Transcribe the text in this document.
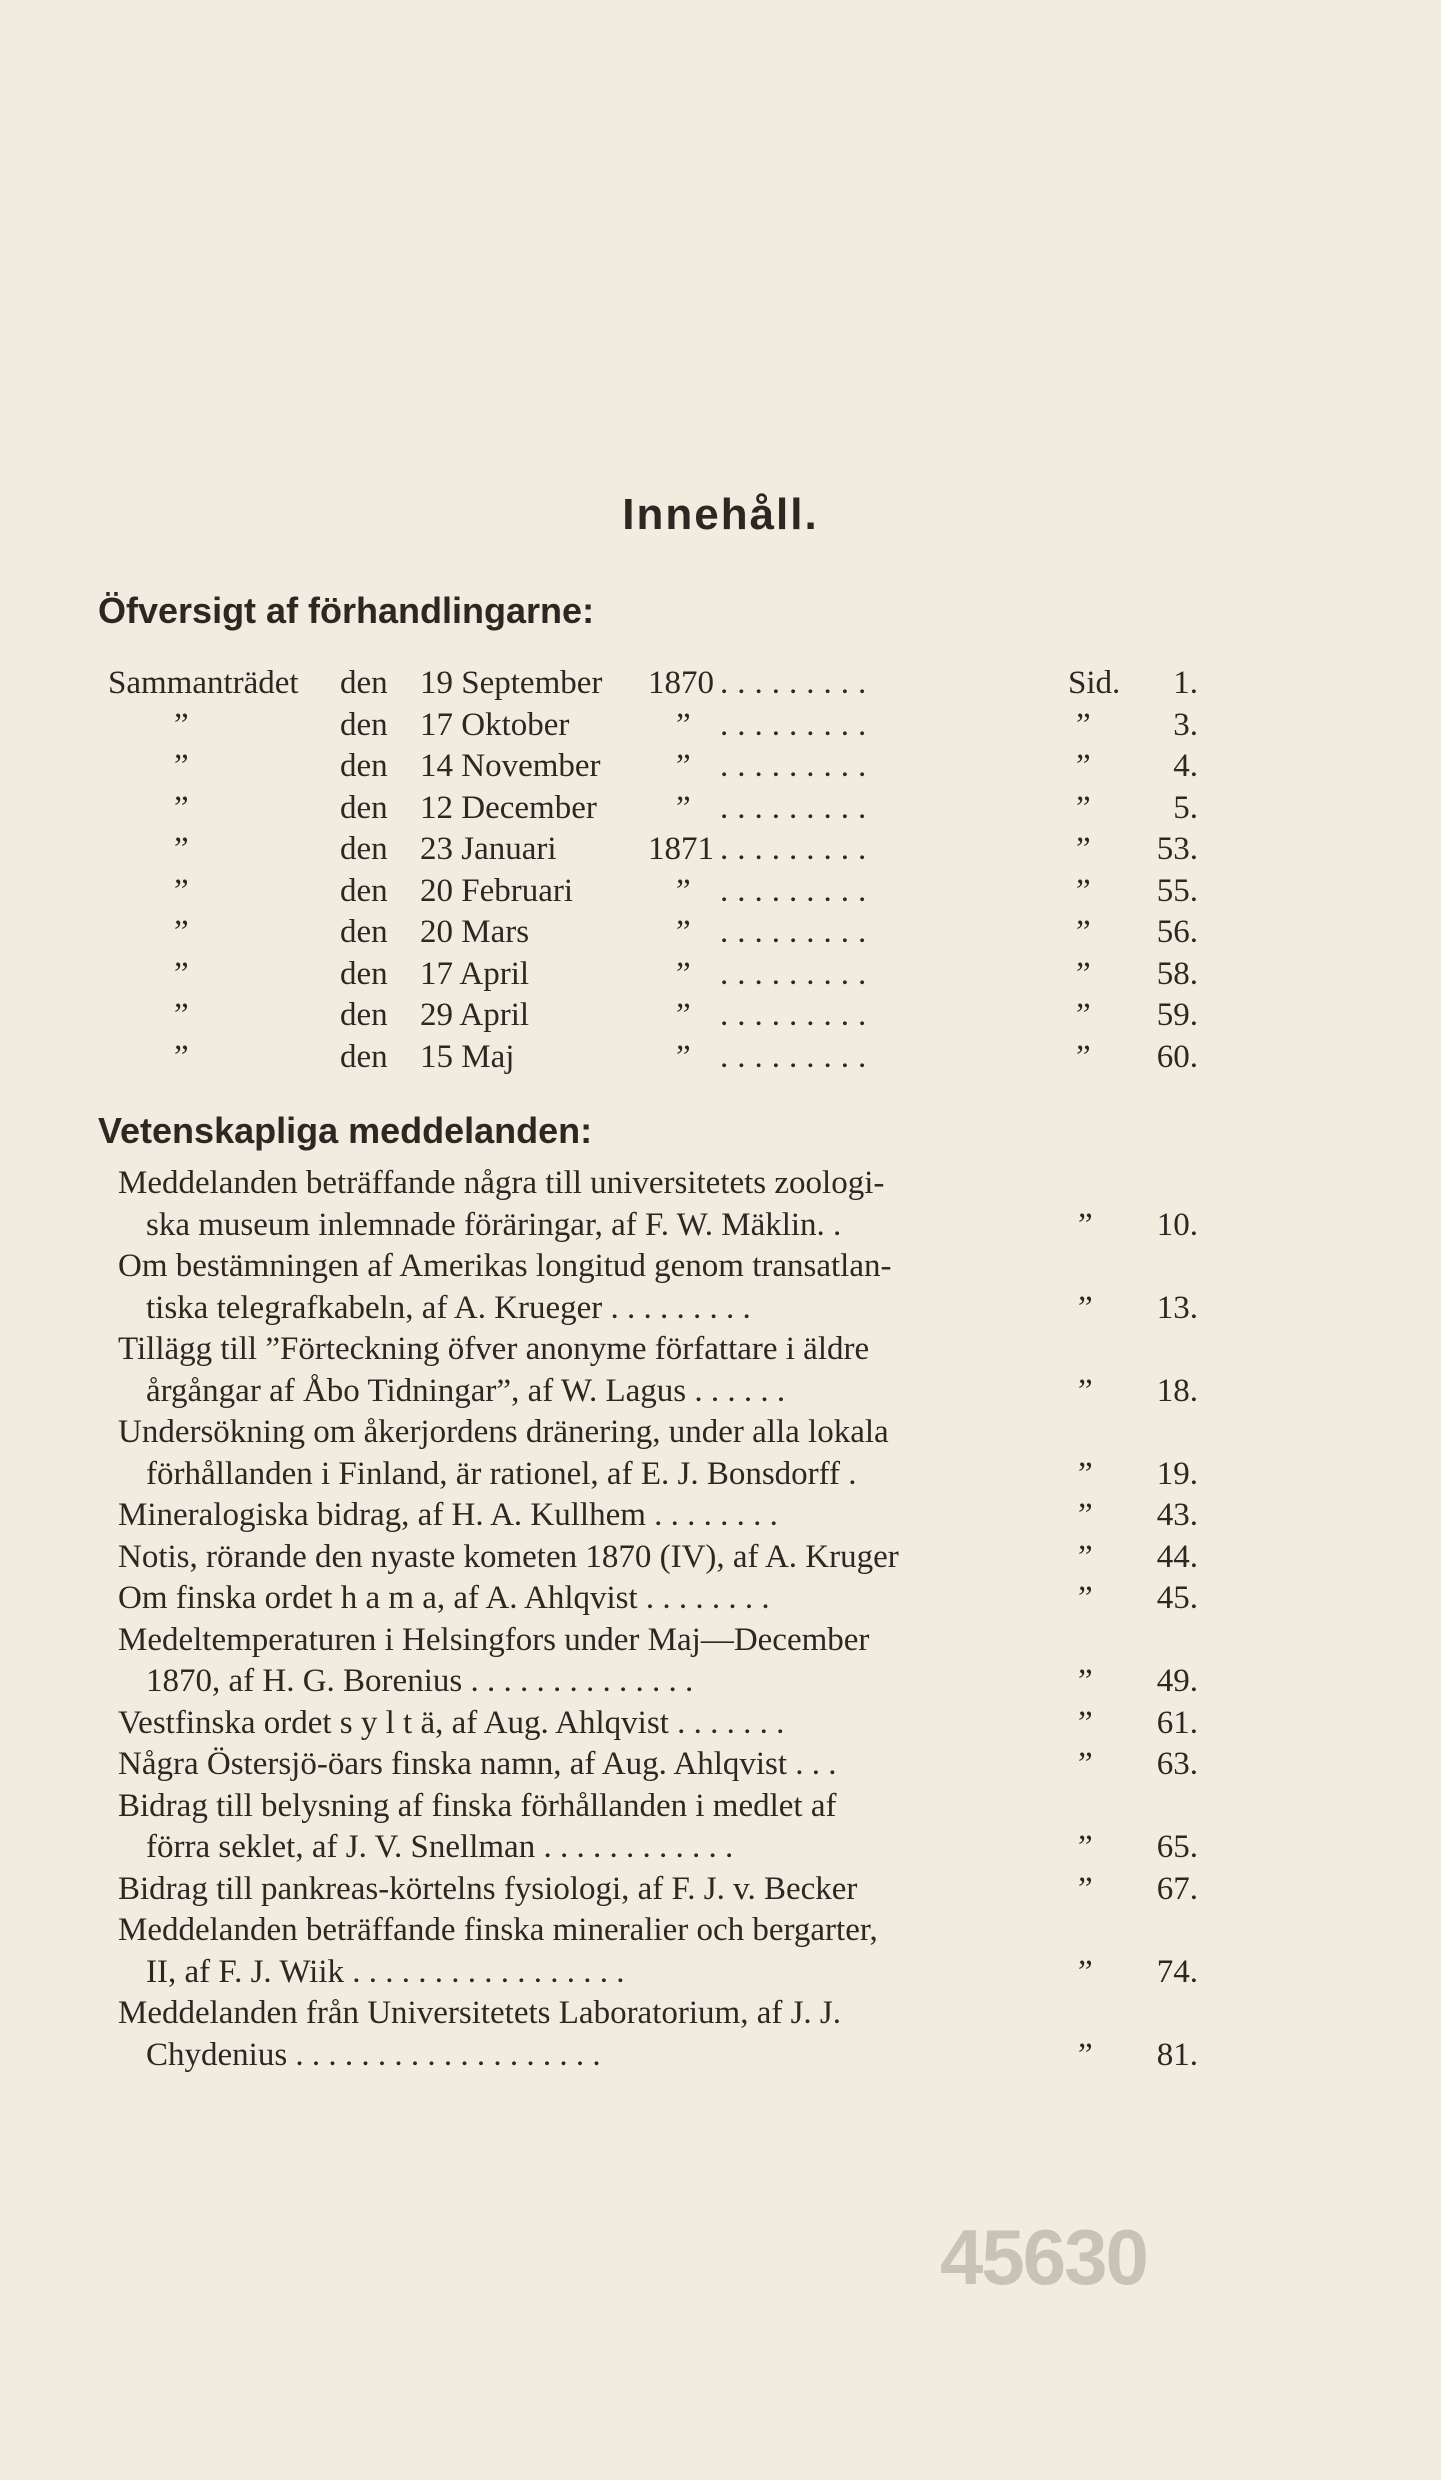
Innehåll.
Öfversigt af förhandlingarne:
Sammanträdet den 19 September 1870 .........	Sid. 1.
”	den 17 Oktober	” .........	”	3.
”	den 14 November ” .........	”	4.
”	den 12 December ” .........	”	5.
”	den 23 Januari	1871 .........	” 53.
”	den 20 Februari	” .........	” 55.
”	den 20 Mars	” .........	” 56.
”	den 17 April	” .........	” 58.
”	den 29 April	” .........	” 59.
”	den 15 Maj	” .........	” 60.
Vetenskapliga meddelanden:
Meddelanden beträffande några till universitetets zoologi-
ska museum inlemnade föräringar, af F. W. Mäklin. .	” 10.
Om bestämningen af Amerikas longitud genom transatlan-
tiska telegrafkabeln, af A. Krueger . . . . . . . . .	” 13.
Tillägg till ”Förteckning öfver anonyme författare i äldre
årgångar af Åbo Tidningar”, af W. Lagus . . . . . .	” 18.
Undersökning om åkerjordens dränering, under alla lokala
förhållanden i Finland, är rationel, af E. J. Bonsdorff .	” 19.
Mineralogiska bidrag, af H. A. Kullhem . . . . . . . .	” 43.
Notis, rörande den nyaste kometen 1870 (IV), af A. Kruger	” 44.
Om finska ordet h a m a, af A. Ahlqvist . . . . . . . .	” 45.
Medeltemperaturen i Helsingfors under Maj—December
1870, af H. G. Borenius . . . . . . . . . . . . . .	” 49.
Vestfinska ordet s y l t ä, af Aug. Ahlqvist . . . . . . .	” 61.
Några Östersjö-öars finska namn, af Aug. Ahlqvist . . .	” 63.
Bidrag till belysning af finska förhållanden i medlet af
förra seklet, af J. V. Snellman . . . . . . . . . . . .	” 65.
Bidrag till pankreas-körtelns fysiologi, af F. J. v. Becker	” 67.
Meddelanden beträffande finska mineralier och bergarter,
II, af F. J. Wiik . . . . . . . . . . . . . . . . .	” 74.
Meddelanden från Universitetets Laboratorium, af J. J.
Chydenius . . . . . . . . . . . . . . . . . . .	” 81.
45630
